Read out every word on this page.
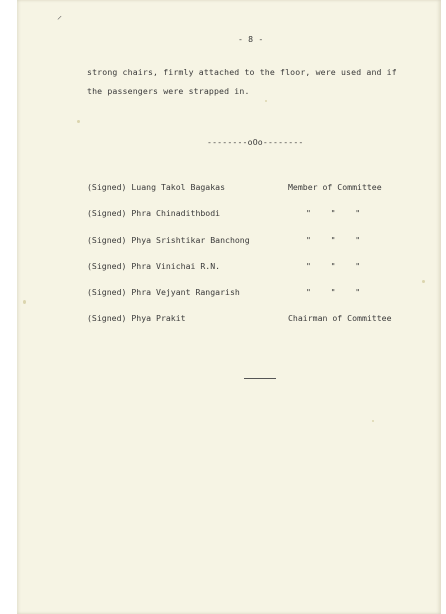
⸍
- 8 -
strong chairs, firmly attached to the floor, were used and if
the passengers were strapped in.
--------oOo--------
(Signed) Luang Takol Bagakas	Member of Committee
(Signed) Phra Chinadithbodi	"    "    "
(Signed) Phya Srishtikar Banchong	"    "    "
(Signed) Phra Vinichai R.N.	"    "    "
(Signed) Phra Vejyant Rangarish	"    "    "
(Signed) Phya Prakit	Chairman of Committee
